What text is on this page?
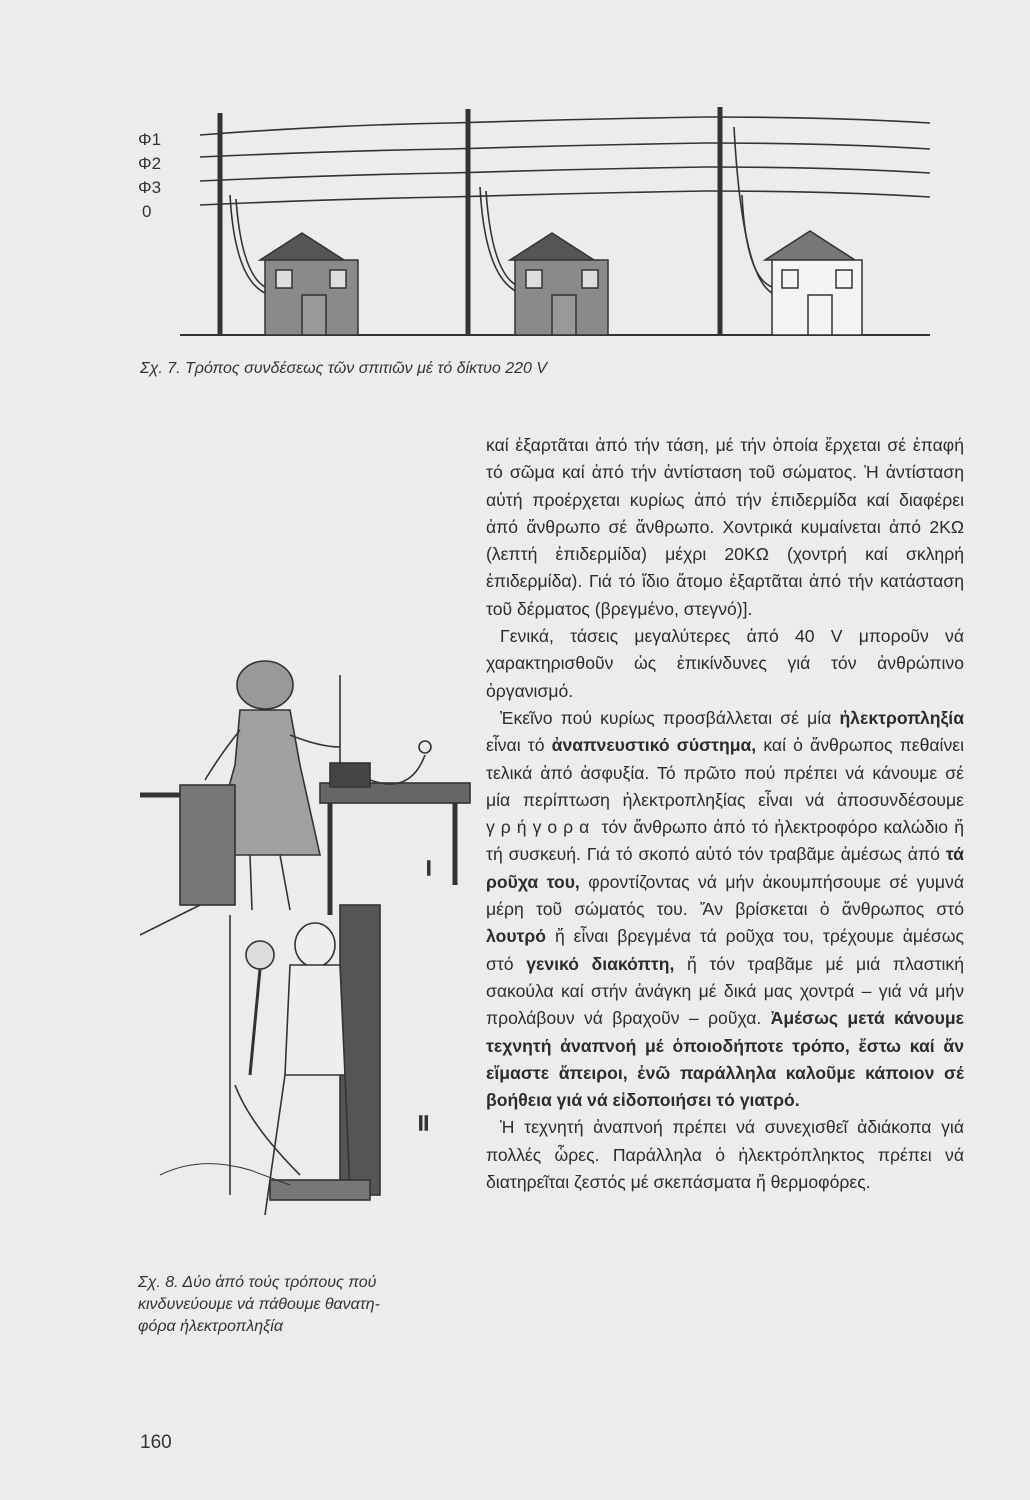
Φ1
Φ2
Φ3
0
Σχ. 7. Τρόπος συνδέσεως τῶν σπιτιῶν μέ τό δίκτυο 220 V
I
II
Σχ. 8. Δύο ἀπό τούς τρόπους πού
κινδυνεύουμε νά πάθουμε θανατη-
φόρα ἠλεκτροπληξία

καί ἐξαρτᾶται ἀπό τήν τάση, μέ τήν ὁποία ἔρχεται σέ ἐπαφή τό σῶμα καί ἀπό τήν ἀντίσταση τοῦ σώματος. Ἡ ἀντίσταση αὐτή προέρχεται κυρίως ἀπό τήν ἐπιδερμίδα καί διαφέρει ἀπό ἄνθρωπο σέ ἄνθρωπο. Χοντρικά κυμαίνεται ἀπό 2ΚΩ (λεπτή ἐπιδερμίδα) μέχρι 20ΚΩ (χοντρή καί σκληρή ἐπιδερμίδα). Γιά τό ἴδιο ἄτομο ἐξαρτᾶται ἀπό τήν κατάσταση τοῦ δέρματος (βρεγμένο, στεγνό)].

Γενικά, τάσεις μεγαλύτερες ἀπό 40 V μποροῦν νά χαρακτηρισθοῦν ὡς ἐπικίνδυνες γιά τόν ἀνθρώπινο ὀργανισμό.

Ἐκεῖνο πού κυρίως προσβάλλεται σέ μία ἠλεκτροπληξία εἶναι τό ἀναπνευστικό σύστημα, καί ὁ ἄνθρωπος πεθαίνει τελικά ἀπό ἀσφυξία. Τό πρῶτο πού πρέπει νά κάνουμε σέ μία περίπτωση ἠλεκτροπληξίας εἶναι νά ἀποσυνδέσουμε γρήγορα τόν ἄνθρωπο ἀπό τό ἠλεκτροφόρο καλώδιο ἤ τή συσκευή. Γιά τό σκοπό αὐτό τόν τραβᾶμε ἀμέσως ἀπό τά ροῦχα του, φροντίζοντας νά μήν ἀκουμπήσουμε σέ γυμνά μέρη τοῦ σώματός του. Ἄν βρίσκεται ὁ ἄνθρωπος στό λουτρό ἤ εἶναι βρεγμένα τά ροῦχα του, τρέχουμε ἀμέσως στό γενικό διακόπτη, ἤ τόν τραβᾶμε μέ μιά πλαστική σακούλα καί στήν ἀνάγκη μέ δικά μας χοντρά – γιά νά μήν προλάβουν νά βραχοῦν – ροῦχα. Ἀμέσως μετά κάνουμε τεχνητή ἀναπνοή μέ ὁποιοδήποτε τρόπο, ἔστω καί ἄν εἴμαστε ἄπειροι, ἐνῶ παράλληλα καλοῦμε κάποιον σέ βοήθεια γιά νά εἰδοποιήσει τό γιατρό.

Ἡ τεχνητή ἀναπνοή πρέπει νά συνεχισθεῖ ἀδιάκοπα γιά πολλές ὧρες. Παράλληλα ὁ ἠλεκτρόπληκτος πρέπει νά διατηρεῖται ζεστός μέ σκεπάσματα ἤ θερμοφόρες.

160
